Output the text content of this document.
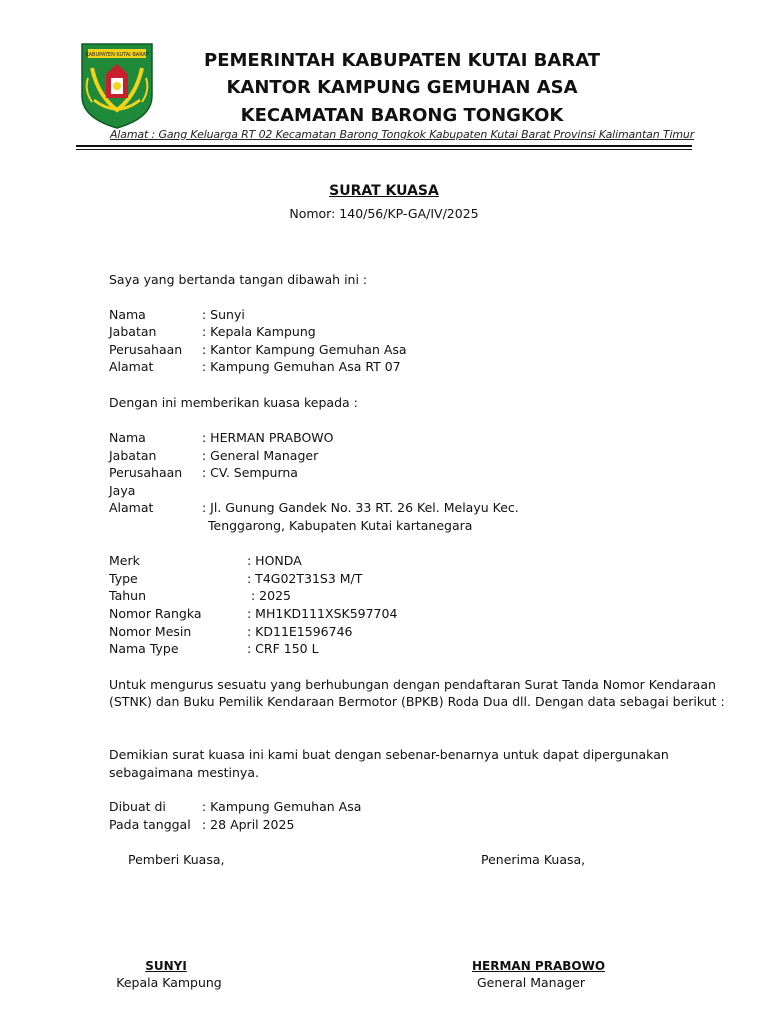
KABUPATEN KUTAI BARAT	PEMERINTAH KABUPATEN KUTAI BARAT
KANTOR KAMPUNG GEMUHAN ASA
KECAMATAN BARONG TONGKOK
Alamat : Gang Keluarga RT 02 Kecamatan Barong Tongkok Kabupaten Kutai Barat Provinsi Kalimantan Timur
SURAT KUASA
Nomor: 140/56/KP-GA/IV/2025
Saya yang bertanda tangan dibawah ini :
Nama	: Sunyi
Jabatan	: Kepala Kampung
Perusahaan : Kantor Kampung Gemuhan Asa
Alamat	: Kampung Gemuhan Asa RT 07
Dengan ini memberikan kuasa kepada :
Nama	: HERMAN PRABOWO
Jabatan	: General Manager
Perusahaan : CV. Sempurna
Jaya
Alamat	: Jl. Gunung Gandek No. 33 RT. 26 Kel. Melayu Kec.
Tenggarong, Kabupaten Kutai kartanegara
Merk	: HONDA
Type	: T4G02T31S3 M/T
Tahun	: 2025
Nomor Rangka	: MH1KD111XSK597704
Nomor Mesin	: KD11E1596746
Nama Type	: CRF 150 L
Untuk mengurus sesuatu yang berhubungan dengan pendaftaran Surat Tanda Nomor Kendaraan
(STNK) dan Buku Pemilik Kendaraan Bermotor (BPKB) Roda Dua dll. Dengan data sebagai berikut :
Demikian surat kuasa ini kami buat dengan sebenar-benarnya untuk dapat dipergunakan
sebagaimana mestinya.
Dibuat di	: Kampung Gemuhan Asa
Pada tanggal : 28 April 2025
Pemberi Kuasa,	Penerima Kuasa,
SUNYI
Kepala Kampung
HERMAN PRABOWO
General Manager
